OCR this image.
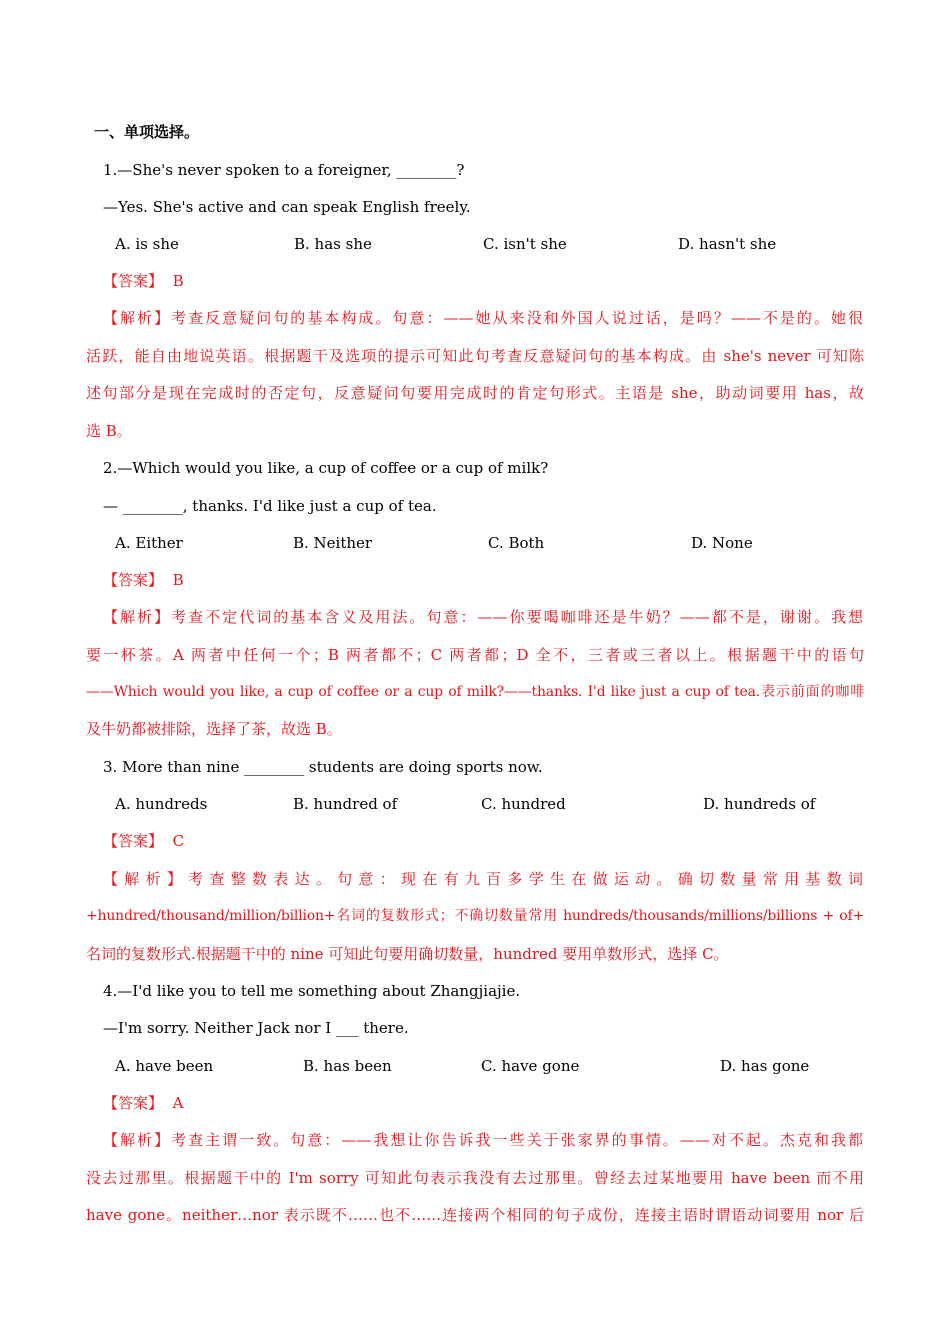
一、单项选择。
1.—She's never spoken to a foreigner, ________?
—Yes. She's active and can speak English freely.
A. is she	B. has she	C. isn't she	D. hasn't she
【答案】 B
【解析】考查反意疑问句的基本构成。句意：——她从来没和外国人说过话，是吗？——不是的。她很
活跃，能自由地说英语。根据题干及选项的提示可知此句考查反意疑问句的基本构成。由 she's never 可知陈
述句部分是现在完成时的否定句，反意疑问句要用完成时的肯定句形式。主语是 she，助动词要用 has，故
选 B。
2.—Which would you like, a cup of coffee or a cup of milk?
— ________, thanks. I'd like just a cup of tea.
A. Either	B. Neither	C. Both	D. None
【答案】 B
【解析】考查不定代词的基本含义及用法。句意：——你要喝咖啡还是牛奶？——都不是，谢谢。我想
要一杯茶。A 两者中任何一个；B 两者都不；C 两者都；D 全不，三者或三者以上。根据题干中的语句
——Which would you like, a cup of coffee or a cup of milk?——thanks. I'd like just a cup of tea.表示前面的咖啡
及牛奶都被排除，选择了茶，故选 B。
3. More than nine ________ students are doing sports now.
A. hundreds	B. hundred of	C. hundred	D. hundreds of
【答案】 C
【解析】考查整数表达。句意：现在有九百多学生在做运动。确切数量常用基数词
+hundred/thousand/million/billion+名词的复数形式；不确切数量常用 hundreds/thousands/millions/billions + of+
名词的复数形式.根据题干中的 nine 可知此句要用确切数量，hundred 要用单数形式，选择 C。
4.—I'd like you to tell me something about Zhangjiajie.
—I'm sorry. Neither Jack nor I ___ there.
A. have been	B. has been	C. have gone	D. has gone
【答案】 A
【解析】考查主谓一致。句意：——我想让你告诉我一些关于张家界的事情。——对不起。杰克和我都
没去过那里。根据题干中的 I'm sorry 可知此句表示我没有去过那里。曾经去过某地要用 have been 而不用
have gone。neither…nor 表示既不……也不……连接两个相同的句子成份，连接主语时谓语动词要用 nor 后
